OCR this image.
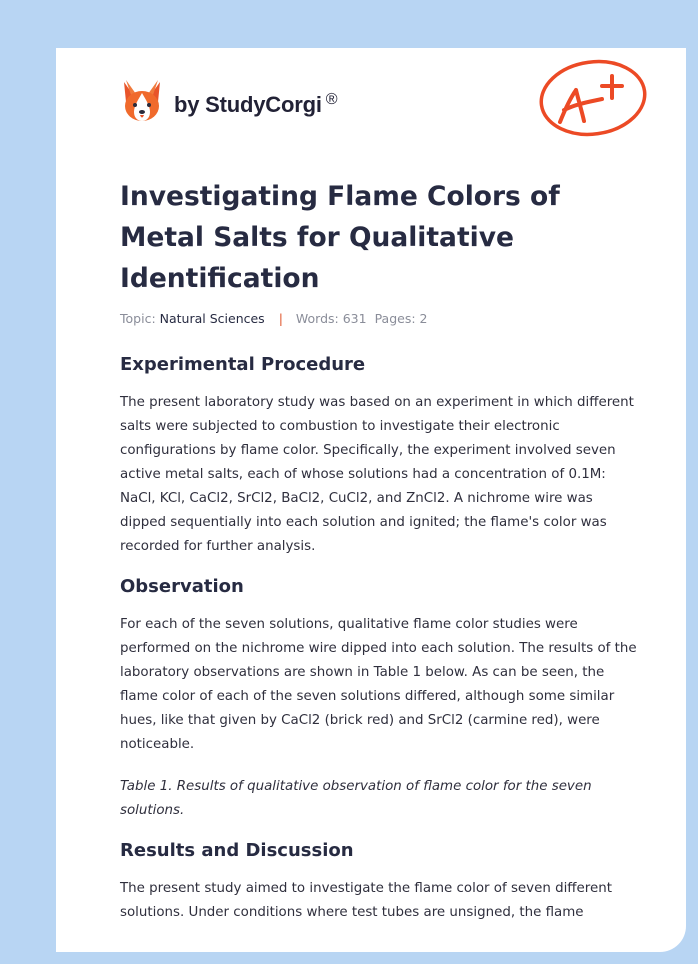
by StudyCorgi ®
A+
Investigating Flame Colors of Metal Salts for Qualitative Identification
Topic: Natural Sciences | Words: 631 Pages: 2
Experimental Procedure

The present laboratory study was based on an experiment in which different salts were subjected to combustion to investigate their electronic configurations by flame color. Specifically, the experiment involved seven active metal salts, each of whose solutions had a concentration of 0.1M: NaCl, KCl, CaCl2, SrCl2, BaCl2, CuCl2, and ZnCl2. A nichrome wire was dipped sequentially into each solution and ignited; the flame's color was recorded for further analysis.

Observation

For each of the seven solutions, qualitative flame color studies were performed on the nichrome wire dipped into each solution. The results of the laboratory observations are shown in Table 1 below. As can be seen, the flame color of each of the seven solutions differed, although some similar hues, like that given by CaCl2 (brick red) and SrCl2 (carmine red), were noticeable.

Table 1. Results of qualitative observation of flame color for the seven solutions.

Results and Discussion

The present study aimed to investigate the flame color of seven different solutions. Under conditions where test tubes are unsigned, the flame
